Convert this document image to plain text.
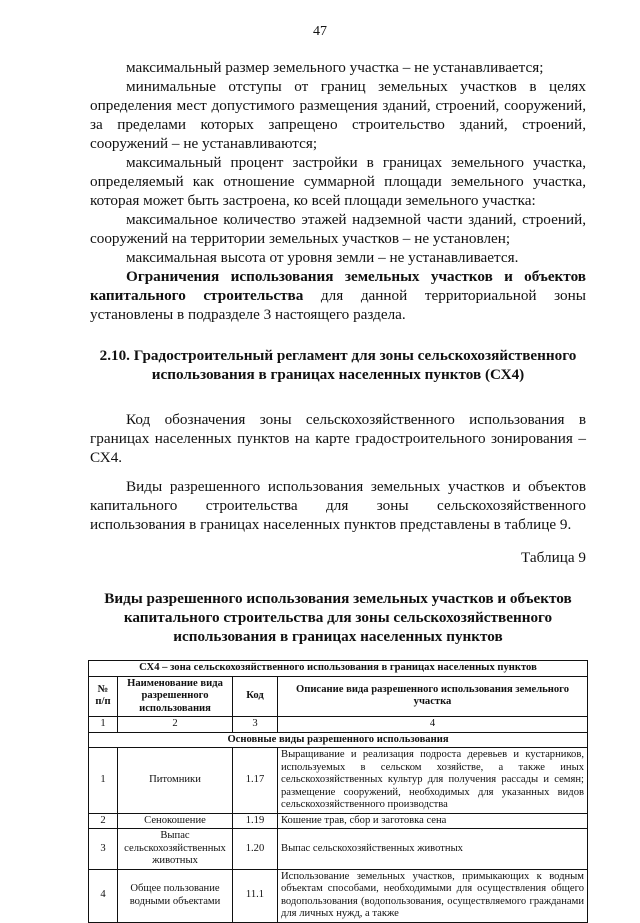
47

максимальный размер земельного участка – не устанавливается;

минимальные отступы от границ земельных участков в целях определения мест допустимого размещения зданий, строений, сооружений, за пределами которых запрещено строительство зданий, строений, сооружений – не устанавливаются;

максимальный процент застройки в границах земельного участка, определяемый как отношение суммарной площади земельного участка, которая может быть застроена, ко всей площади земельного участка:

максимальное количество этажей надземной части зданий, строений, сооружений на территории земельных участков – не установлен;

максимальная высота от уровня земли – не устанавливается.

Ограничения использования земельных участков и объектов капитального строительства для данной территориальной зоны установлены в подразделе 3 настоящего раздела.

2.10. Градостроительный регламент для зоны сельскохозяйственного использования в границах населенных пунктов (СХ4)

Код обозначения зоны сельскохозяйственного использования в границах населенных пунктов на карте градостроительного зонирования – СХ4.

Виды разрешенного использования земельных участков и объектов капитального строительства для зоны сельскохозяйственного использования в границах населенных пунктов представлены в таблице 9.

Таблица 9
Виды разрешенного использования земельных участков и объектов капитального строительства для зоны сельскохозяйственного использования в границах населенных пунктов
СХ4 – зона сельскохозяйственного использования в границах населенных пунктов			
№ п/п	Наименование вида разрешенного использования	Код	Описание вида разрешенного использования земельного участка
1	2	3	4
Основные виды разрешенного использования			
1	Питомники	1.17	Выращивание и реализация подроста деревьев и кустарников, используемых в сельском хозяйстве, а также иных сельскохозяйственных культур для получения рассады и семян; размещение сооружений, необходимых для указанных видов сельскохозяйственного производства
2	Сенокошение	1.19	Кошение трав, сбор и заготовка сена
3	Выпас сельскохозяйственных животных	1.20	Выпас сельскохозяйственных животных
4	Общее пользование водными объектами	11.1	Использование земельных участков, примыкающих к водным объектам способами, необходимыми для осуществления общего водопользования (водопользования, осуществляемого гражданами для личных нужд, а также
